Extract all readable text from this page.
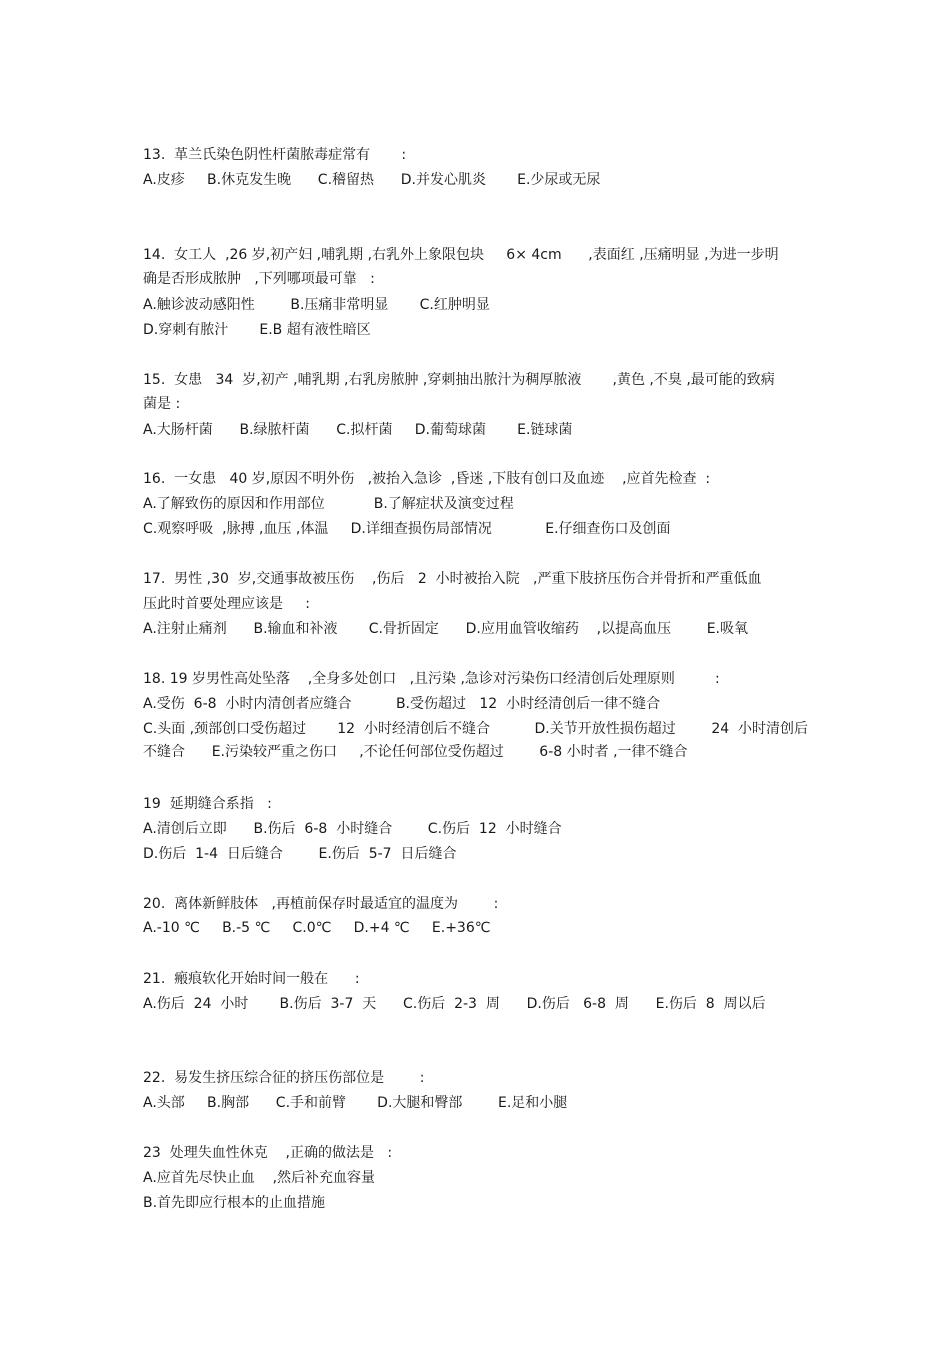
13.  革兰氏染色阴性杆菌脓毒症常有       :
A.皮疹     B.休克发生晚      C.稽留热      D.并发心肌炎       E.少尿或无尿
14.  女工人  ,26 岁,初产妇 ,哺乳期 ,右乳外上象限包块     6× 4cm      ,表面红 ,压痛明显 ,为进一步明
确是否形成脓肿   ,下列哪项最可靠   :
A.触诊波动感阳性        B.压痛非常明显       C.红肿明显
D.穿刺有脓汁       E.B 超有液性暗区
15.  女患   34  岁,初产 ,哺乳期 ,右乳房脓肿 ,穿刺抽出脓汁为稠厚脓液       ,黄色 ,不臭 ,最可能的致病
菌是 :
A.大肠杆菌      B.绿脓杆菌      C.拟杆菌     D.葡萄球菌       E.链球菌
16.  一女患   40 岁,原因不明外伤   ,被抬入急诊  ,昏迷 ,下肢有创口及血迹    ,应首先检查  :
A.了解致伤的原因和作用部位           B.了解症状及演变过程
C.观察呼吸  ,脉搏 ,血压 ,体温     D.详细查损伤局部情况            E.仔细查伤口及创面
17.  男性 ,30  岁,交通事故被压伤    ,伤后   2  小时被抬入院   ,严重下肢挤压伤合并骨折和严重低血
压此时首要处理应该是     :
A.注射止痛剂      B.输血和补液       C.骨折固定      D.应用血管收缩药    ,以提高血压        E.吸氧
18. 19 岁男性高处坠落    ,全身多处创口   ,且污染 ,急诊对污染伤口经清创后处理原则         :
A.受伤  6-8  小时内清创者应缝合          B.受伤超过   12  小时经清创后一律不缝合
C.头面 ,颈部创口受伤超过       12  小时经清创后不缝合          D.关节开放性损伤超过        24  小时清创后
不缝合      E.污染较严重之伤口     ,不论任何部位受伤超过        6-8 小时者 ,一律不缝合
19  延期缝合系指   :
A.清创后立即      B.伤后  6-8  小时缝合        C.伤后  12  小时缝合
D.伤后  1-4  日后缝合        E.伤后  5-7  日后缝合
20.  离体新鲜肢体   ,再植前保存时最适宜的温度为        :
A.-10 ℃     B.-5 ℃     C.0℃     D.+4 ℃     E.+36℃
21.  瘢痕软化开始时间一般在      :
A.伤后  24  小时       B.伤后  3-7  天      C.伤后  2-3  周      D.伤后   6-8  周      E.伤后  8  周以后
22.  易发生挤压综合征的挤压伤部位是        :
A.头部     B.胸部      C.手和前臂       D.大腿和臀部        E.足和小腿
23  处理失血性休克    ,正确的做法是   :
A.应首先尽快止血    ,然后补充血容量
B.首先即应行根本的止血措施
